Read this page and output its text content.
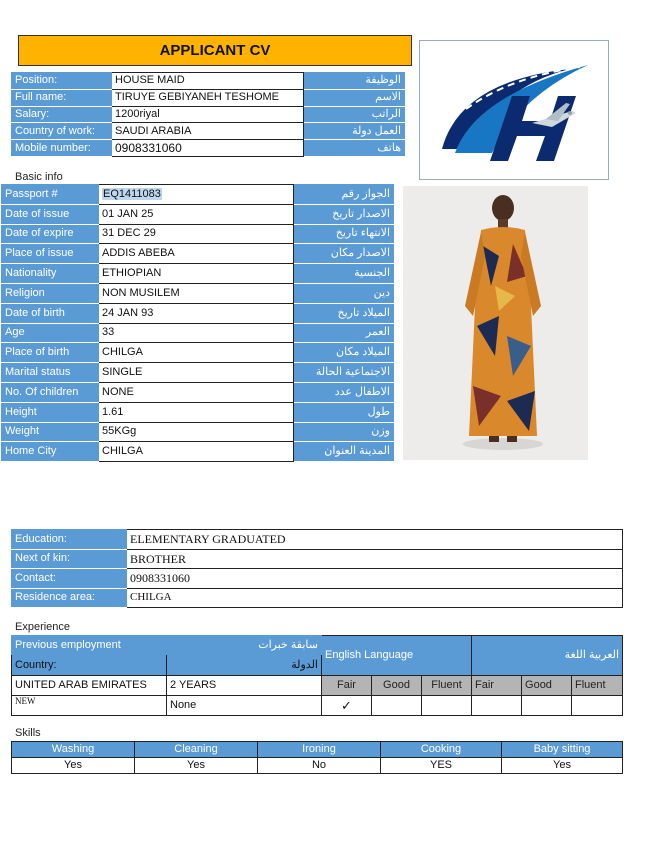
APPLICANT CV
Position:	HOUSE MAID	الوظيفة
Full name:	TIRUYE GEBIYANEH TESHOME	الاسم
Salary:	1200riyal	الراتب
Country of work:	SAUDI ARABIA	العمل دولة
Mobile number:	0908331060	هاتف
Basic info
Passport #	EQ1411083	الجواز رقم
Date of issue	01 JAN 25	الاصدار تاريخ
Date of expire	31 DEC 29	الانتهاء تاريخ
Place of issue	ADDIS ABEBA	الاصدار مكان
Nationality	ETHIOPIAN	الجنسية
Religion	NON MUSILEM	دين
Date of birth	24 JAN 93	الميلاد تاريخ
Age	33	العمر
Place of birth	CHILGA	الميلاد مكان
Marital status	SINGLE	الاجتماعية الحالة
No. Of children	NONE	الاطفال عدد
Height	1.61	طول
Weight	55KGg	وزن
Home City	CHILGA	المدينة العنوان
Education:	ELEMENTARY GRADUATED
Next of kin:	BROTHER
Contact:	0908331060
Residence area:	CHILGA
Experience
Previous employment	سابقة خبرات	English Language			العربية اللغة		
Country:	الدولة						
UNITED ARAB EMIRATES	2 YEARS	Fair	Good	Fluent	Fair	Good	Fluent
NEW	None	✓					
Skills
Washing	Cleaning	Ironing	Cooking	Baby sitting
Yes	Yes	No	YES	Yes
